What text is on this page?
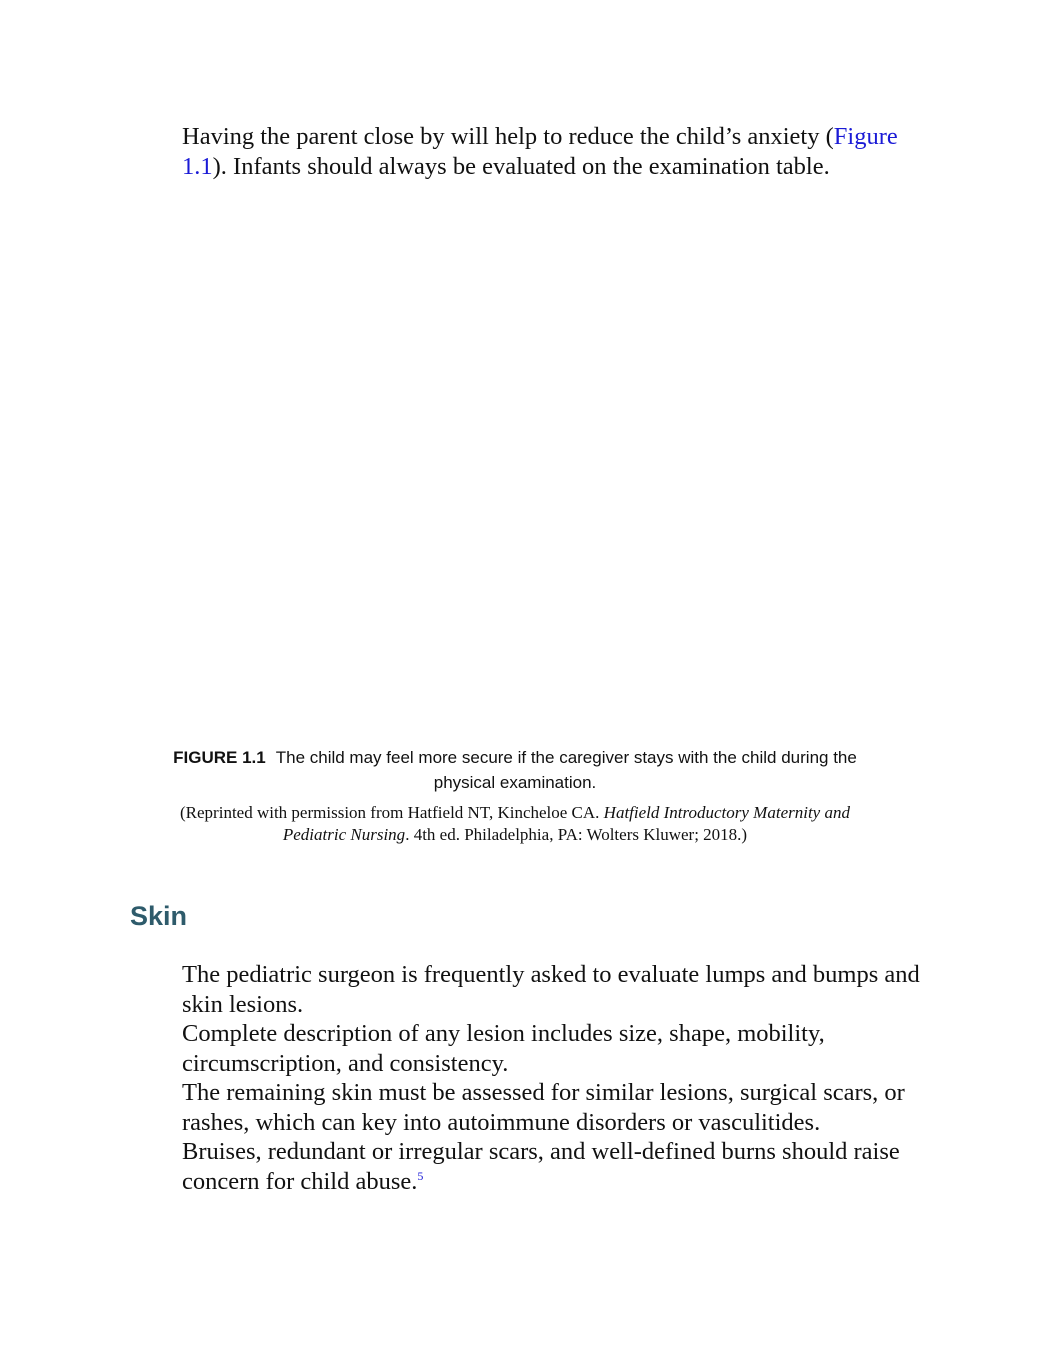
Having the parent close by will help to reduce the child’s anxiety (Figure 1.1). Infants should always be evaluated on the examination table.

FIGURE 1.1 The child may feel more secure if the caregiver stays with the child during the physical examination.
(Reprinted with permission from Hatfield NT, Kincheloe CA. Hatfield Introductory Maternity and Pediatric Nursing. 4th ed. Philadelphia, PA: Wolters Kluwer; 2018.)
Skin

The pediatric surgeon is frequently asked to evaluate lumps and bumps and skin lesions.

Complete description of any lesion includes size, shape, mobility, circumscription, and consistency.

The remaining skin must be assessed for similar lesions, surgical scars, or rashes, which can key into autoimmune disorders or vasculitides.

Bruises, redundant or irregular scars, and well-defined burns should raise concern for child abuse.$^5$
